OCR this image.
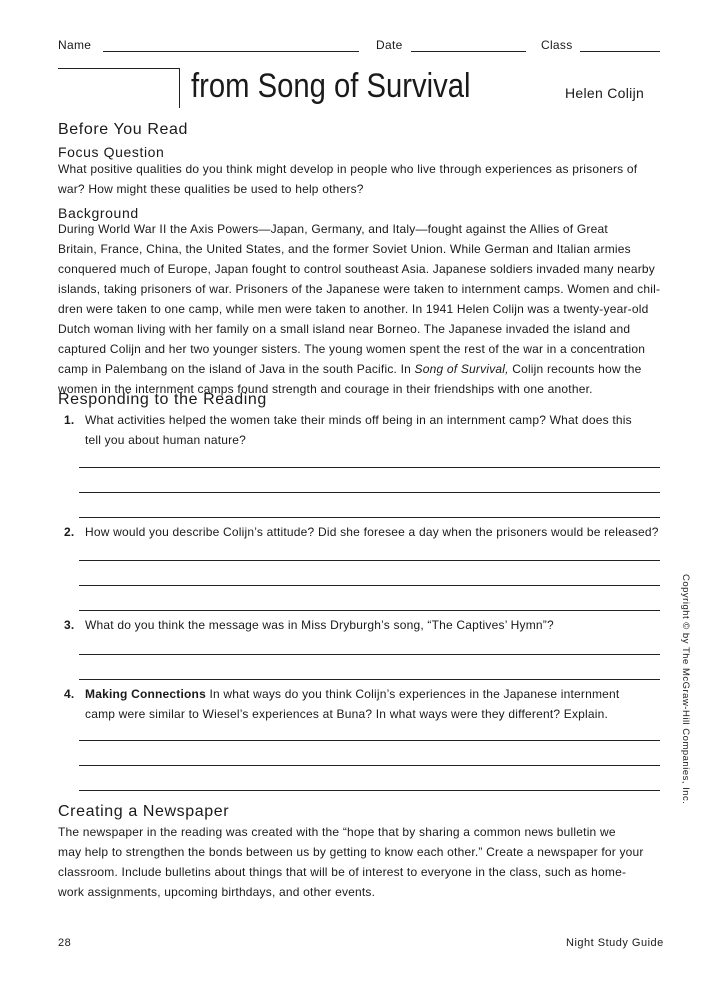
Name	Date	Class
from Song of Survival	Helen Colijn
Before You Read
Focus Question
What positive qualities do you think might develop in people who live through experiences as prisoners of
war? How might these qualities be used to help others?
Background
During World War II the Axis Powers—Japan, Germany, and Italy—fought against the Allies of Great
Britain, France, China, the United States, and the former Soviet Union. While German and Italian armies
conquered much of Europe, Japan fought to control southeast Asia. Japanese soldiers invaded many nearby
islands, taking prisoners of war. Prisoners of the Japanese were taken to internment camps. Women and chil-
dren were taken to one camp, while men were taken to another. In 1941 Helen Colijn was a twenty-year-old
Dutch woman living with her family on a small island near Borneo. The Japanese invaded the island and
captured Colijn and her two younger sisters. The young women spent the rest of the war in a concentration
camp in Palembang on the island of Java in the south Pacific. In Song of Survival, Colijn recounts how the
women in the internment camps found strength and courage in their friendships with one another.
Responding to the Reading
1. What activities helped the women take their minds off being in an internment camp? What does this
tell you about human nature?
2. How would you describe Colijn’s attitude? Did she foresee a day when the prisoners would be released?
3. What do you think the message was in Miss Dryburgh’s song, “The Captives’ Hymn”?
4. Making Connections In what ways do you think Colijn’s experiences in the Japanese internment
camp were similar to Wiesel’s experiences at Buna? In what ways were they different? Explain.
Creating a Newspaper
The newspaper in the reading was created with the “hope that by sharing a common news bulletin we
may help to strengthen the bonds between us by getting to know each other.” Create a newspaper for your
classroom. Include bulletins about things that will be of interest to everyone in the class, such as home-
work assignments, upcoming birthdays, and other events.
Copyright © by The McGraw-Hill Companies, Inc.
28	Night Study Guide
